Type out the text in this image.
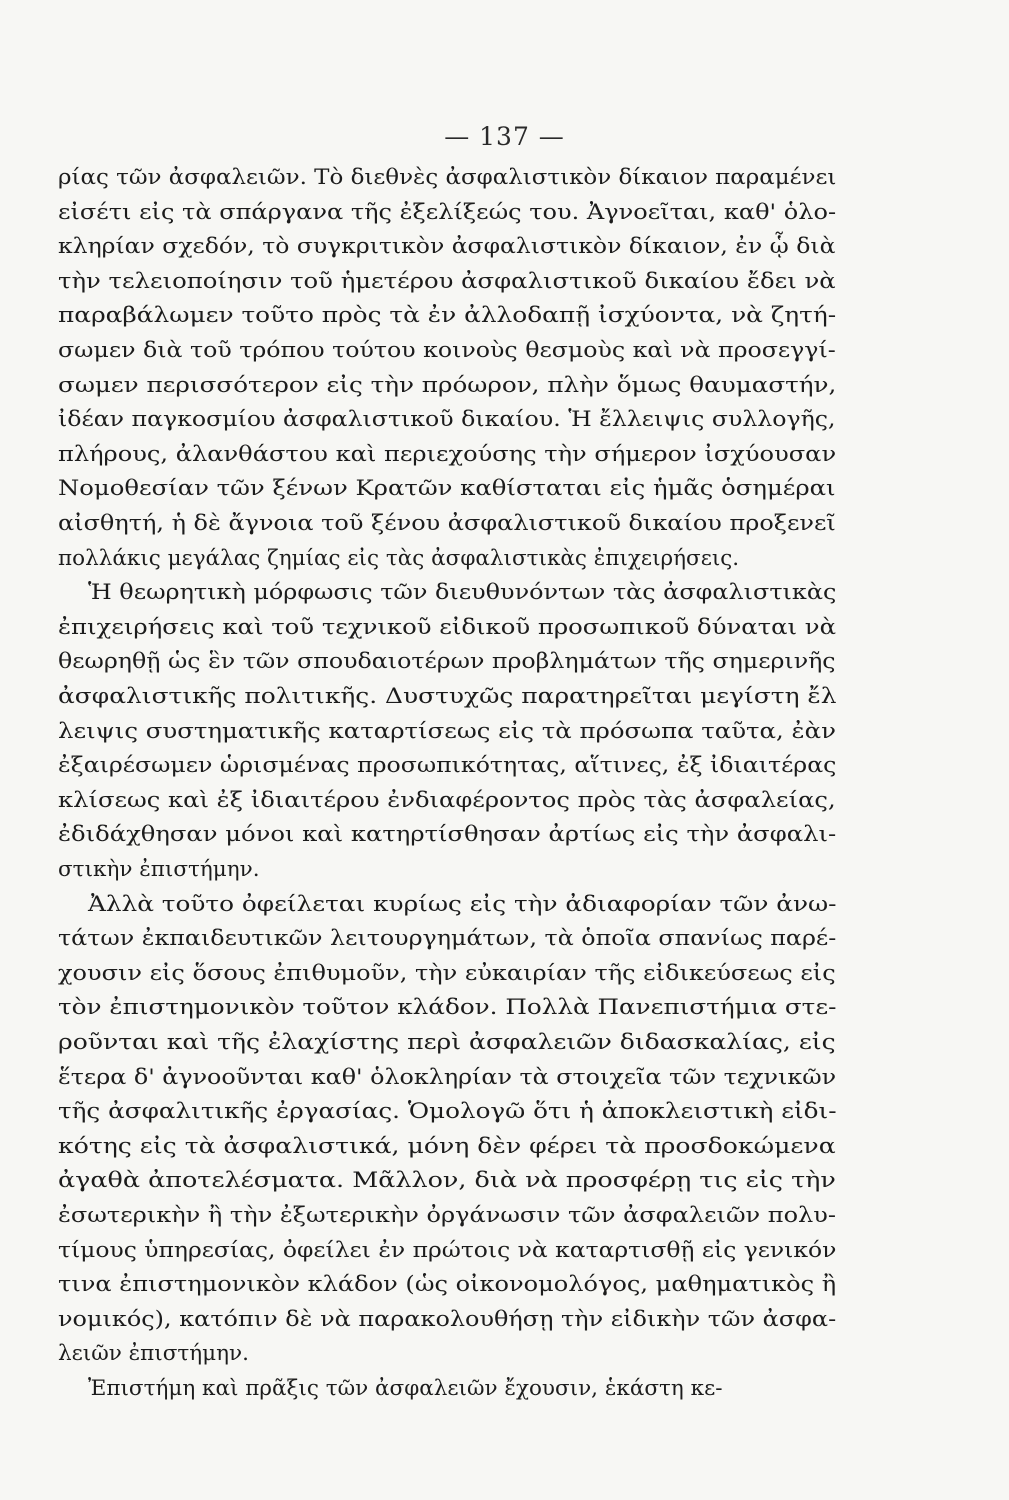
— 137 —
ρίας τῶν ἀσφαλειῶν. Τὸ διεθνὲς ἀσφαλιστικὸν δίκαιον παραμένει
εἰσέτι εἰς τὰ σπάργανα τῆς ἐξελίξεώς του. Ἀγνοεῖται, καθ' ὁλο-
κληρίαν σχεδόν, τὸ συγκριτικὸν ἀσφαλιστικὸν δίκαιον, ἐν ᾧ διὰ
τὴν τελειοποίησιν τοῦ ἡμετέρου ἀσφαλιστικοῦ δικαίου ἔδει νὰ
παραβάλωμεν τοῦτο πρὸς τὰ ἐν ἀλλοδαπῇ ἰσχύοντα, νὰ ζητή-
σωμεν διὰ τοῦ τρόπου τούτου κοινοὺς θεσμοὺς καὶ νὰ προσεγγί-
σωμεν περισσότερον εἰς τὴν πρόωρον, πλὴν ὅμως θαυμαστήν,
ἰδέαν παγκοσμίου ἀσφαλιστικοῦ δικαίου. Ἡ ἔλλειψις συλλογῆς,
πλήρους, ἀλανθάστου καὶ περιεχούσης τὴν σήμερον ἰσχύουσαν
Νομοθεσίαν τῶν ξένων Κρατῶν καθίσταται εἰς ἡμᾶς ὁσημέραι
αἰσθητή, ἡ δὲ ἄγνοια τοῦ ξένου ἀσφαλιστικοῦ δικαίου προξενεῖ
πολλάκις μεγάλας ζημίας εἰς τὰς ἀσφαλιστικὰς ἐπιχειρήσεις.
Ἡ θεωρητικὴ μόρφωσις τῶν διευθυνόντων τὰς ἀσφαλιστικὰς
ἐπιχειρήσεις καὶ τοῦ τεχνικοῦ εἰδικοῦ προσωπικοῦ δύναται νὰ
θεωρηθῇ ὡς ἓν τῶν σπουδαιοτέρων προβλημάτων τῆς σημερινῆς
ἀσφαλιστικῆς πολιτικῆς. Δυστυχῶς παρατηρεῖται μεγίστη ἔλ
λειψις συστηματικῆς καταρτίσεως εἰς τὰ πρόσωπα ταῦτα, ἐὰν
ἐξαιρέσωμεν ὡρισμένας προσωπικότητας, αἵτινες, ἐξ ἰδιαιτέρας
κλίσεως καὶ ἐξ ἰδιαιτέρου ἐνδιαφέροντος πρὸς τὰς ἀσφαλείας,
ἐδιδάχθησαν μόνοι καὶ κατηρτίσθησαν ἀρτίως εἰς τὴν ἀσφαλι-
στικὴν ἐπιστήμην.
Ἀλλὰ τοῦτο ὀφείλεται κυρίως εἰς τὴν ἀδιαφορίαν τῶν ἀνω-
τάτων ἐκπαιδευτικῶν λειτουργημάτων, τὰ ὁποῖα σπανίως παρέ-
χουσιν εἰς ὅσους ἐπιθυμοῦν, τὴν εὐκαιρίαν τῆς εἰδικεύσεως εἰς
τὸν ἐπιστημονικὸν τοῦτον κλάδον. Πολλὰ Πανεπιστήμια στε-
ροῦνται καὶ τῆς ἐλαχίστης περὶ ἀσφαλειῶν διδασκαλίας, εἰς
ἕτερα δ' ἀγνοοῦνται καθ' ὁλοκληρίαν τὰ στοιχεῖα τῶν τεχνικῶν
τῆς ἀσφαλιτικῆς ἐργασίας. Ὁμολογῶ ὅτι ἡ ἀποκλειστικὴ εἰδι-
κότης εἰς τὰ ἀσφαλιστικά, μόνη δὲν φέρει τὰ προσδοκώμενα
ἀγαθὰ ἀποτελέσματα. Μᾶλλον, διὰ νὰ προσφέρῃ τις εἰς τὴν
ἐσωτερικὴν ἢ τὴν ἐξωτερικὴν ὀργάνωσιν τῶν ἀσφαλειῶν πολυ-
τίμους ὑπηρεσίας, ὀφείλει ἐν πρώτοις νὰ καταρτισθῇ εἰς γενικόν
τινα ἐπιστημονικὸν κλάδον (ὡς οἰκονομολόγος, μαθηματικὸς ἢ
νομικός), κατόπιν δὲ νὰ παρακολουθήσῃ τὴν εἰδικὴν τῶν ἀσφα-
λειῶν ἐπιστήμην.
Ἐπιστήμη καὶ πρᾶξις τῶν ἀσφαλειῶν ἔχουσιν, ἑκάστη κε-
